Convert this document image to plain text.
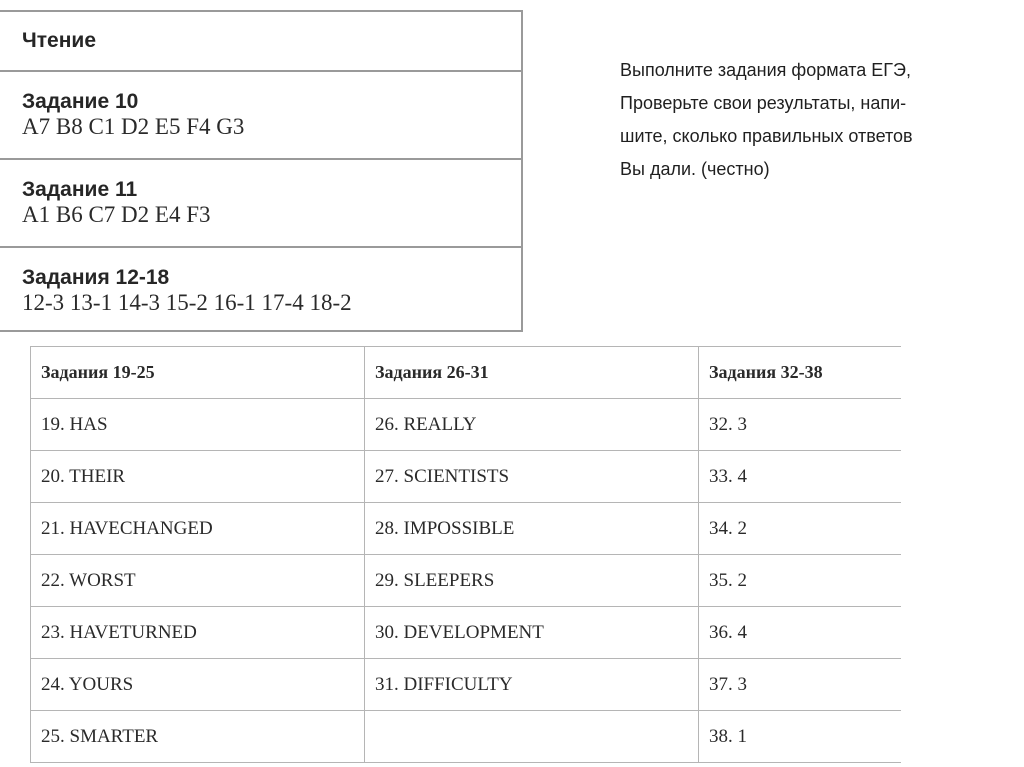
Чтение

Задание 10
A7 B8 C1 D2 E5 F4 G3

Задание 11
A1 B6 C7 D2 E4 F3

Задания 12-18
12-3 13-1 14-3 15-2 16-1 17-4 18-2
Выполните задания формата ЕГЭ,
Проверьте свои результаты, напи-
шите, сколько правильных ответов
Вы дали. (честно)
Задания 19-25	Задания 26-31	Задания 32-38
19. HAS	26. REALLY	32. 3
20. THEIR	27. SCIENTISTS	33. 4
21. HAVECHANGED	28. IMPOSSIBLE	34. 2
22. WORST	29. SLEEPERS	35. 2
23. HAVETURNED	30. DEVELOPMENT	36. 4
24. YOURS	31. DIFFICULTY	37. 3
25. SMARTER		38. 1
